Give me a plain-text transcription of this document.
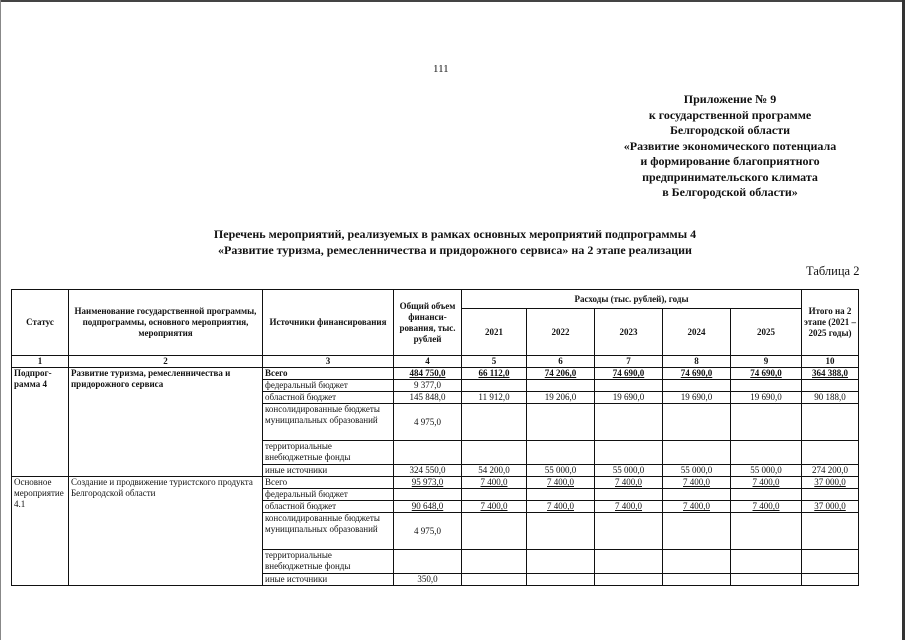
111
Приложение № 9
к государственной программе
Белгородской области
«Развитие экономического потенциала
и формирование благоприятного
предпринимательского климата
в Белгородской области»
Перечень мероприятий, реализуемых в рамках основных мероприятий подпрограммы 4
«Развитие туризма, ремесленничества и придорожного сервиса» на 2 этапе реализации
Таблица 2
Статус	Наименование государственной программы, подпрограммы, основного мероприятия, мероприятия	Источники финансирования	Общий объем финанси-рования, тыс. рублей	Расходы (тыс. рублей), годы					Итого на 2 этапе (2021 – 2025 годы)
				2021	2022	2023	2024	2025	
1	2	3	4	5	6	7	8	9	10
Подпрог-рамма 4	Развитие туризма, ремесленничества и придорожного сервиса	Всего	484 750,0	66 112,0	74 206,0	74 690,0	74 690,0	74 690,0	364 388,0
		федеральный бюджет	9 377,0						
		областной бюджет	145 848,0	11 912,0	19 206,0	19 690,0	19 690,0	19 690,0	90 188,0
		консолидированные бюджеты муниципальных образований	4 975,0						
		территориальные внебюджетные фонды							
		иные источники	324 550,0	54 200,0	55 000,0	55 000,0	55 000,0	55 000,0	274 200,0
Основное мероприятие 4.1	Создание и продвижение туристского продукта Белгородской области	Всего	95 973,0	7 400,0	7 400,0	7 400,0	7 400,0	7 400,0	37 000,0
		федеральный бюджет							
		областной бюджет	90 648,0	7 400,0	7 400,0	7 400,0	7 400,0	7 400,0	37 000,0
		консолидированные бюджеты муниципальных образований	4 975,0						
		территориальные внебюджетные фонды							
		иные источники	350,0						
